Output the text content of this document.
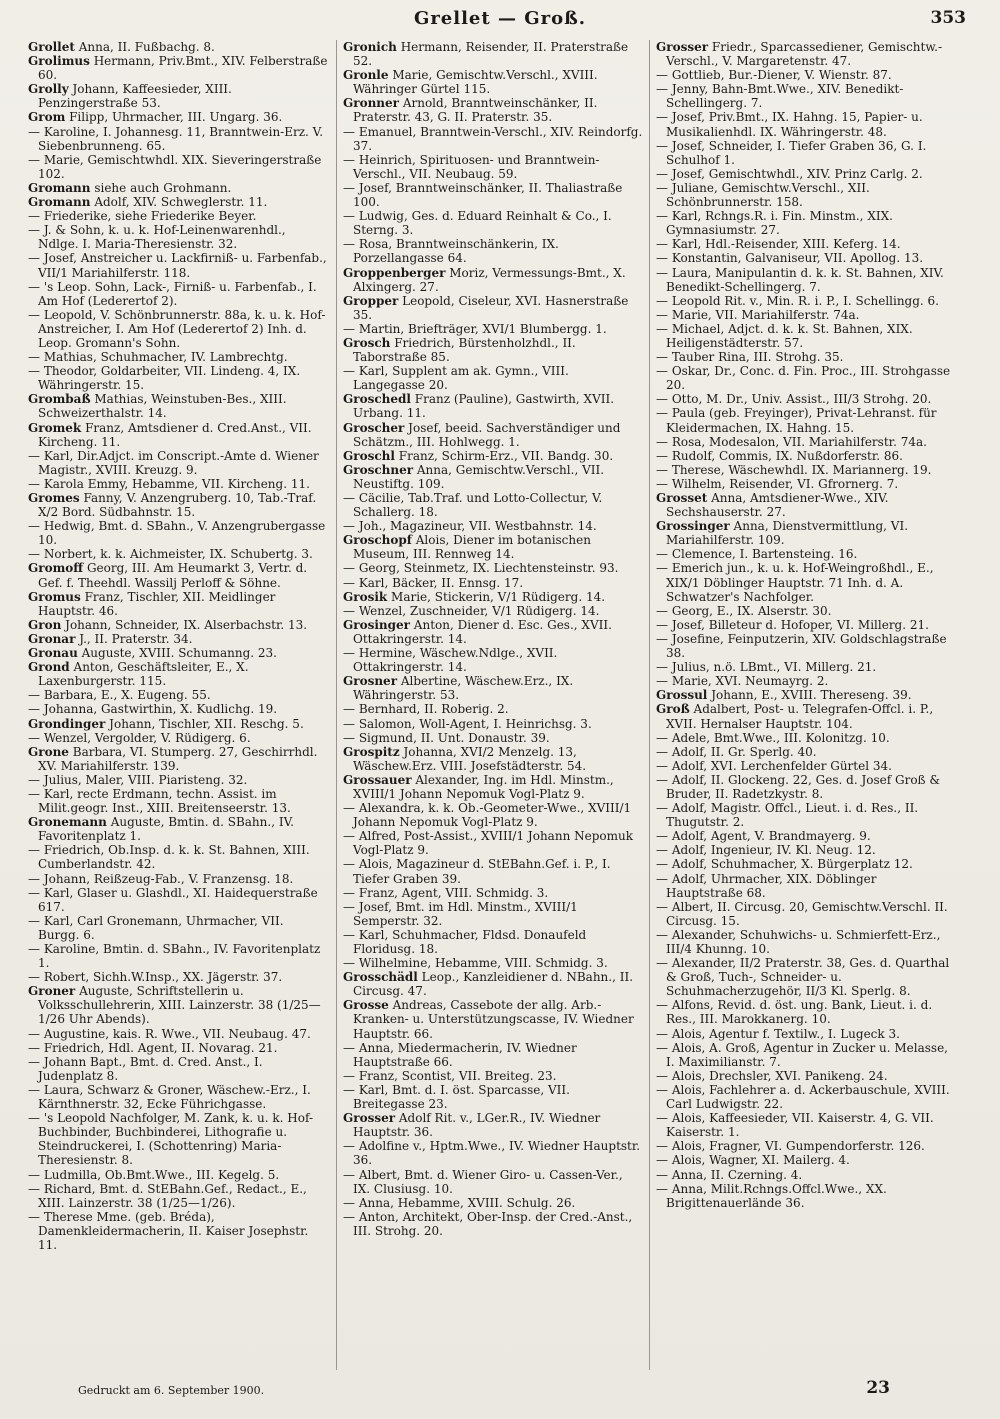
Grellet — Groß.	353
Grollet Anna, II. Fußbachg. 8.
Grolimus Hermann, Priv.Bmt., XIV. Felberstraße 60.
Grolly Johann, Kaffeesieder, XIII. Penzingerstraße 53.
Grom Filipp, Uhrmacher, III. Ungarg. 36.
— Karoline, I. Johannesg. 11, Branntwein-Erz. V. Siebenbrunneng. 65.
— Marie, Gemischtwhdl. XIX. Sieveringerstraße 102.
Gromann siehe auch Grohmann.
Gromann Adolf, XIV. Schweglerstr. 11.
— Friederike, siehe Friederike Beyer.
— J. & Sohn, k. u. k. Hof-Leinenwarenhdl., Ndlge. I. Maria-Theresienstr. 32.
— Josef, Anstreicher u. Lackfirniß- u. Farbenfab., VII/1 Mariahilferstr. 118.
— 's Leop. Sohn, Lack-, Firniß- u. Farbenfab., I. Am Hof (Lederertof 2).
— Leopold, V. Schönbrunnerstr. 88a, k. u. k. Hof-Anstreicher, I. Am Hof (Lederertof 2) Inh. d. Leop. Gromann's Sohn.
— Mathias, Schuhmacher, IV. Lambrechtg.
— Theodor, Goldarbeiter, VII. Lindeng. 4, IX. Währingerstr. 15.
Grombaß Mathias, Weinstuben-Bes., XIII. Schweizerthalstr. 14.
Gromek Franz, Amtsdiener d. Cred.Anst., VII. Kircheng. 11.
— Karl, Dir.Adjct. im Conscript.-Amte d. Wiener Magistr., XVIII. Kreuzg. 9.
— Karola Emmy, Hebamme, VII. Kircheng. 11.
Gromes Fanny, V. Anzengruberg. 10, Tab.-Traf. X/2 Bord. Südbahnstr. 15.
— Hedwig, Bmt. d. SBahn., V. Anzengrubergasse 10.
— Norbert, k. k. Aichmeister, IX. Schubertg. 3.
Gromoff Georg, III. Am Heumarkt 3, Vertr. d. Gef. f. Theehdl. Wassilj Perloff & Söhne.
Gromus Franz, Tischler, XII. Meidlinger Hauptstr. 46.
Gron Johann, Schneider, IX. Alserbachstr. 13.
Gronar J., II. Praterstr. 34.
Gronau Auguste, XVIII. Schumanng. 23.
Grond Anton, Geschäftsleiter, E., X. Laxenburgerstr. 115.
— Barbara, E., X. Eugeng. 55.
— Johanna, Gastwirthin, X. Kudlichg. 19.
Grondinger Johann, Tischler, XII. Reschg. 5.
— Wenzel, Vergolder, V. Rüdigerg. 6.
Grone Barbara, VI. Stumperg. 27, Geschirrhdl. XV. Mariahilferstr. 139.
— Julius, Maler, VIII. Piaristeng. 32.
— Karl, recte Erdmann, techn. Assist. im Milit.geogr. Inst., XIII. Breitenseerstr. 13.
Gronemann Auguste, Bmtin. d. SBahn., IV. Favoritenplatz 1.
— Friedrich, Ob.Insp. d. k. k. St. Bahnen, XIII. Cumberlandstr. 42.
— Johann, Reißzeug-Fab., V. Franzensg. 18.
— Karl, Glaser u. Glashdl., XI. Haidequerstraße 617.
— Karl, Carl Gronemann, Uhrmacher, VII. Burgg. 6.
— Karoline, Bmtin. d. SBahn., IV. Favoritenplatz 1.
— Robert, Sichh.W.Insp., XX. Jägerstr. 37.
Groner Auguste, Schriftstellerin u. Volksschullehrerin, XIII. Lainzerstr. 38 (1/25—1/26 Uhr Abends).
— Augustine, kais. R. Wwe., VII. Neubaug. 47.
— Friedrich, Hdl. Agent, II. Novarag. 21.
— Johann Bapt., Bmt. d. Cred. Anst., I. Judenplatz 8.
— Laura, Schwarz & Groner, Wäschew.-Erz., I. Kärnthnerstr. 32, Ecke Führichgasse.
— 's Leopold Nachfolger, M. Zank, k. u. k. Hof-Buchbinder, Buchbinderei, Lithografie u. Steindruckerei, I. (Schottenring) Maria-Theresienstr. 8.
— Ludmilla, Ob.Bmt.Wwe., III. Kegelg. 5.
— Richard, Bmt. d. StEBahn.Gef., Redact., E., XIII. Lainzerstr. 38 (1/25—1/26).
— Therese Mme. (geb. Bréda), Damenkleidermacherin, II. Kaiser Josephstr. 11.
Gronich Hermann, Reisender, II. Praterstraße 52.
Gronle Marie, Gemischtw.Verschl., XVIII. Währinger Gürtel 115.
Gronner Arnold, Branntweinschänker, II. Praterstr. 43, G. II. Praterstr. 35.
— Emanuel, Branntwein-Verschl., XIV. Reindorfg. 37.
— Heinrich, Spirituosen- und Branntwein-Verschl., VII. Neubaug. 59.
— Josef, Branntweinschänker, II. Thaliastraße 100.
— Ludwig, Ges. d. Eduard Reinhalt & Co., I. Sterng. 3.
— Rosa, Branntweinschänkerin, IX. Porzellangasse 64.
Groppenberger Moriz, Vermessungs-Bmt., X. Alxingerg. 27.
Gropper Leopold, Ciseleur, XVI. Hasnerstraße 35.
— Martin, Briefträger, XVI/1 Blumbergg. 1.
Grosch Friedrich, Bürstenholzhdl., II. Taborstraße 85.
— Karl, Supplent am ak. Gymn., VIII. Langegasse 20.
Groschedl Franz (Pauline), Gastwirth, XVII. Urbang. 11.
Groscher Josef, beeid. Sachverständiger und Schätzm., III. Hohlwegg. 1.
Groschl Franz, Schirm-Erz., VII. Bandg. 30.
Groschner Anna, Gemischtw.Verschl., VII. Neustiftg. 109.
— Cäcilie, Tab.Traf. und Lotto-Collectur, V. Schallerg. 18.
— Joh., Magazineur, VII. Westbahnstr. 14.
Groschopf Alois, Diener im botanischen Museum, III. Rennweg 14.
— Georg, Steinmetz, IX. Liechtensteinstr. 93.
— Karl, Bäcker, II. Ennsg. 17.
Grosik Marie, Stickerin, V/1 Rüdigerg. 14.
— Wenzel, Zuschneider, V/1 Rüdigerg. 14.
Grosinger Anton, Diener d. Esc. Ges., XVII. Ottakringerstr. 14.
— Hermine, Wäschew.Ndlge., XVII. Ottakringerstr. 14.
Grosner Albertine, Wäschew.Erz., IX. Währingerstr. 53.
— Bernhard, II. Roberig. 2.
— Salomon, Woll-Agent, I. Heinrichsg. 3.
— Sigmund, II. Unt. Donaustr. 39.
Grospitz Johanna, XVI/2 Menzelg. 13, Wäschew.Erz. VIII. Josefstädterstr. 54.
Grossauer Alexander, Ing. im Hdl. Minstm., XVIII/1 Johann Nepomuk Vogl-Platz 9.
— Alexandra, k. k. Ob.-Geometer-Wwe., XVIII/1 Johann Nepomuk Vogl-Platz 9.
— Alfred, Post-Assist., XVIII/1 Johann Nepomuk Vogl-Platz 9.
— Alois, Magazineur d. StEBahn.Gef. i. P., I. Tiefer Graben 39.
— Franz, Agent, VIII. Schmidg. 3.
— Josef, Bmt. im Hdl. Minstm., XVIII/1 Semperstr. 32.
— Karl, Schuhmacher, Fldsd. Donaufeld Floridusg. 18.
— Wilhelmine, Hebamme, VIII. Schmidg. 3.
Grosschädl Leop., Kanzleidiener d. NBahn., II. Circusg. 47.
Grosse Andreas, Cassebote der allg. Arb.-Kranken- u. Unterstützungscasse, IV. Wiedner Hauptstr. 66.
— Anna, Miedermacherin, IV. Wiedner Hauptstraße 66.
— Franz, Scontist, VII. Breiteg. 23.
— Karl, Bmt. d. I. öst. Sparcasse, VII. Breitegasse 23.
Grosser Adolf Rit. v., LGer.R., IV. Wiedner Hauptstr. 36.
— Adolfine v., Hptm.Wwe., IV. Wiedner Hauptstr. 36.
— Albert, Bmt. d. Wiener Giro- u. Cassen-Ver., IX. Clusiusg. 10.
— Anna, Hebamme, XVIII. Schulg. 26.
— Anton, Architekt, Ober-Insp. der Cred.-Anst., III. Strohg. 20.
Grosser Friedr., Sparcassediener, Gemischtw.-Verschl., V. Margaretenstr. 47.
— Gottlieb, Bur.-Diener, V. Wienstr. 87.
— Jenny, Bahn-Bmt.Wwe., XIV. Benedikt-Schellingerg. 7.
— Josef, Priv.Bmt., IX. Hahng. 15, Papier- u. Musikalienhdl. IX. Währingerstr. 48.
— Josef, Schneider, I. Tiefer Graben 36, G. I. Schulhof 1.
— Josef, Gemischtwhdl., XIV. Prinz Carlg. 2.
— Juliane, Gemischtw.Verschl., XII. Schönbrunnerstr. 158.
— Karl, Rchngs.R. i. Fin. Minstm., XIX. Gymnasiumstr. 27.
— Karl, Hdl.-Reisender, XIII. Keferg. 14.
— Konstantin, Galvaniseur, VII. Apollog. 13.
— Laura, Manipulantin d. k. k. St. Bahnen, XIV. Benedikt-Schellingerg. 7.
— Leopold Rit. v., Min. R. i. P., I. Schellingg. 6.
— Marie, VII. Mariahilferstr. 74a.
— Michael, Adjct. d. k. k. St. Bahnen, XIX. Heiligenstädterstr. 57.
— Tauber Rina, III. Strohg. 35.
— Oskar, Dr., Conc. d. Fin. Proc., III. Strohgasse 20.
— Otto, M. Dr., Univ. Assist., III/3 Strohg. 20.
— Paula (geb. Freyinger), Privat-Lehranst. für Kleidermachen, IX. Hahng. 15.
— Rosa, Modesalon, VII. Mariahilferstr. 74a.
— Rudolf, Commis, IX. Nußdorferstr. 86.
— Therese, Wäschewhdl. IX. Mariannerg. 19.
— Wilhelm, Reisender, VI. Gfrornerg. 7.
Grosset Anna, Amtsdiener-Wwe., XIV. Sechshauserstr. 27.
Grossinger Anna, Dienstvermittlung, VI. Mariahilferstr. 109.
— Clemence, I. Bartensteing. 16.
— Emerich jun., k. u. k. Hof-Weingroßhdl., E., XIX/1 Döblinger Hauptstr. 71 Inh. d. A. Schwatzer's Nachfolger.
— Georg, E., IX. Alserstr. 30.
— Josef, Billeteur d. Hofoper, VI. Millerg. 21.
— Josefine, Feinputzerin, XIV. Goldschlagstraße 38.
— Julius, n.ö. LBmt., VI. Millerg. 21.
— Marie, XVI. Neumayrg. 2.
Grossul Johann, E., XVIII. Thereseng. 39.
Groß Adalbert, Post- u. Telegrafen-Offcl. i. P., XVII. Hernalser Hauptstr. 104.
— Adele, Bmt.Wwe., III. Kolonitzg. 10.
— Adolf, II. Gr. Sperlg. 40.
— Adolf, XVI. Lerchenfelder Gürtel 34.
— Adolf, II. Glockeng. 22, Ges. d. Josef Groß & Bruder, II. Radetzkystr. 8.
— Adolf, Magistr. Offcl., Lieut. i. d. Res., II. Thugutstr. 2.
— Adolf, Agent, V. Brandmayerg. 9.
— Adolf, Ingenieur, IV. Kl. Neug. 12.
— Adolf, Schuhmacher, X. Bürgerplatz 12.
— Adolf, Uhrmacher, XIX. Döblinger Hauptstraße 68.
— Albert, II. Circusg. 20, Gemischtw.Verschl. II. Circusg. 15.
— Alexander, Schuhwichs- u. Schmierfett-Erz., III/4 Khunng. 10.
— Alexander, II/2 Praterstr. 38, Ges. d. Quarthal & Groß, Tuch-, Schneider- u. Schuhmacherzugehör, II/3 Kl. Sperlg. 8.
— Alfons, Revid. d. öst. ung. Bank, Lieut. i. d. Res., III. Marokkanerg. 10.
— Alois, Agentur f. Textilw., I. Lugeck 3.
— Alois, A. Groß, Agentur in Zucker u. Melasse, I. Maximilianstr. 7.
— Alois, Drechsler, XVI. Panikeng. 24.
— Alois, Fachlehrer a. d. Ackerbauschule, XVIII. Carl Ludwigstr. 22.
— Alois, Kaffeesieder, VII. Kaiserstr. 4, G. VII. Kaiserstr. 1.
— Alois, Fragner, VI. Gumpendorferstr. 126.
— Alois, Wagner, XI. Mailerg. 4.
— Anna, II. Czerning. 4.
— Anna, Milit.Rchngs.Offcl.Wwe., XX. Brigittenauerlände 36.
Gedruckt am 6. September 1900.	23
